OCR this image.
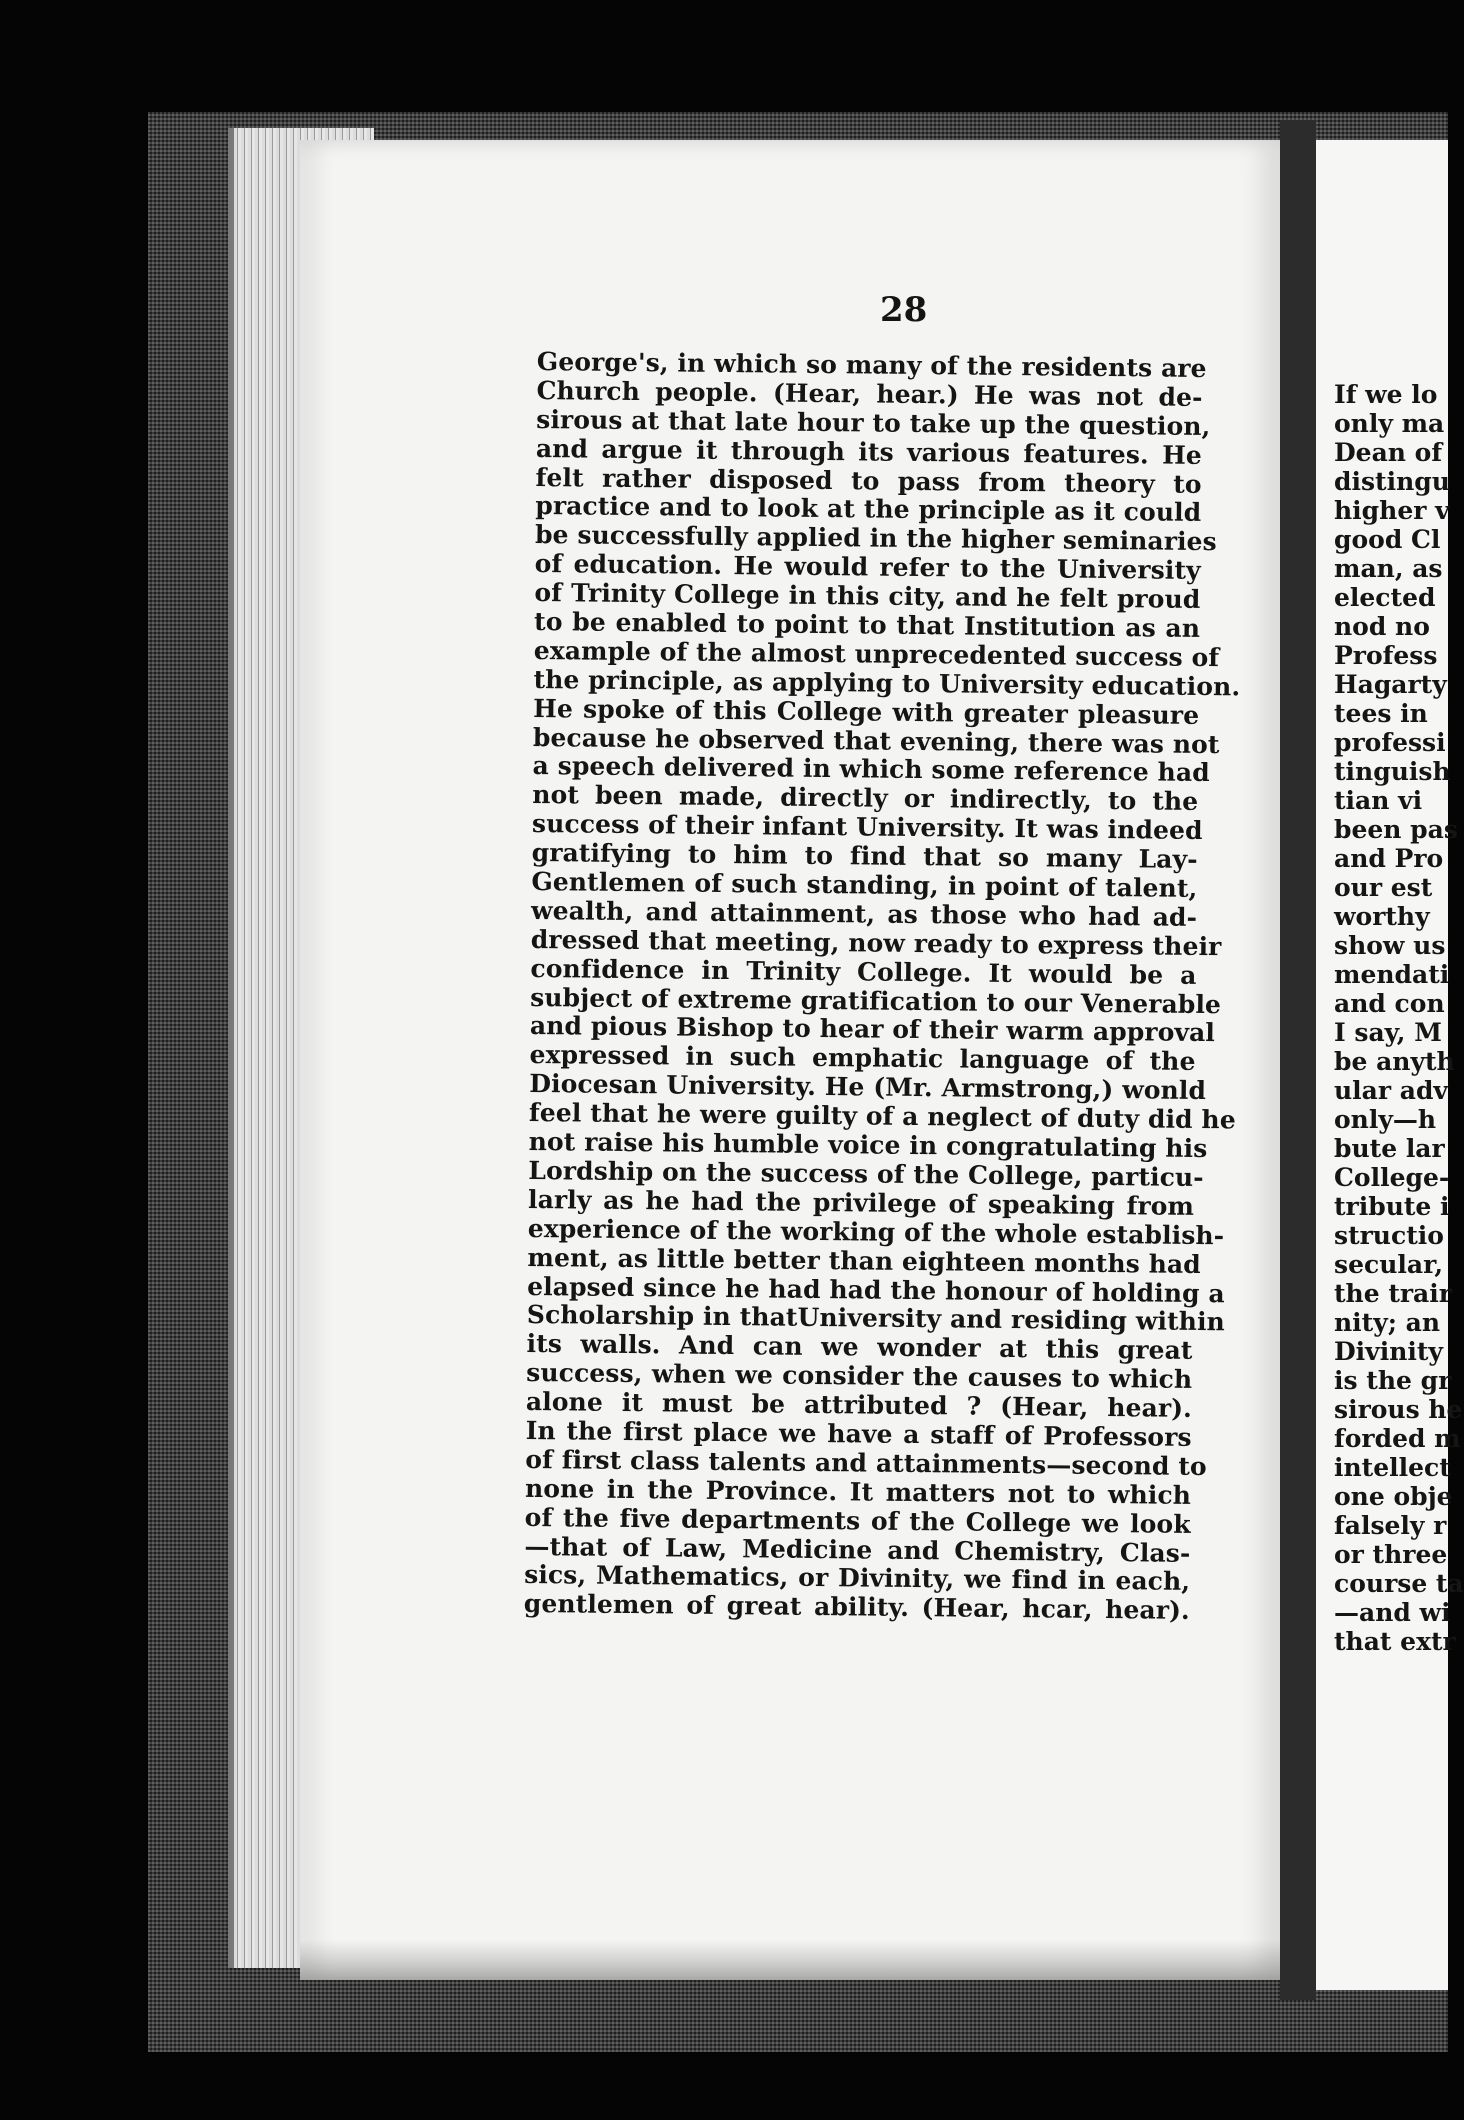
28
George's, in which so many of the residents are
Church people. (Hear, hear.) He was not de-
sirous at that late hour to take up the question,
and argue it through its various features. He
felt rather disposed to pass from theory to
practice and to look at the principle as it could
be successfully applied in the higher seminaries
of education. He would refer to the University
of Trinity College in this city, and he felt proud
to be enabled to point to that Institution as an
example of the almost unprecedented success of
the principle, as applying to University education.
He spoke of this College with greater pleasure
because he observed that evening, there was not
a speech delivered in which some reference had
not been made, directly or indirectly, to the
success of their infant University. It was indeed
gratifying to him to find that so many Lay-
Gentlemen of such standing, in point of talent,
wealth, and attainment, as those who had ad-
dressed that meeting, now ready to express their
confidence in Trinity College. It would be a
subject of extreme gratification to our Venerable
and pious Bishop to hear of their warm approval
expressed in such emphatic language of the
Diocesan University. He (Mr. Armstrong,) wonld
feel that he were guilty of a neglect of duty did he
not raise his humble voice in congratulating his
Lordship on the success of the College, particu-
larly as he had the privilege of speaking from
experience of the working of the whole establish-
ment, as little better than eighteen months had
elapsed since he had had the honour of holding a
Scholarship in thatUniversity and residing within
its walls. And can we wonder at this great
success, when we consider the causes to which
alone it must be attributed ? (Hear, hear).
In the first place we have a staff of Professors
of first class talents and attainments—second to
none in the Province. It matters not to which
of the five departments of the College we look
—that of Law, Medicine and Chemistry, Clas-
sics, Mathematics, or Divinity, we find in each,
gentlemen of great ability. (Hear, hcar, hear).
If we lo
only ma
Dean of
distingu
higher v
good Cl
man, as
elected
nod no
Profess
Hagarty
tees in
professi
tinguish
tian vi
been pas
and Pro
our est
worthy
show us
mendati
and con
I say, M
be anyth
ular adv
only—h
bute lar
College-
tribute i
structio
secular,
the trair
nity; an
Divinity
is the gr
sirous he
forded m
intellect
one obje
falsely r
or three
course ta
—and wi
that extr
